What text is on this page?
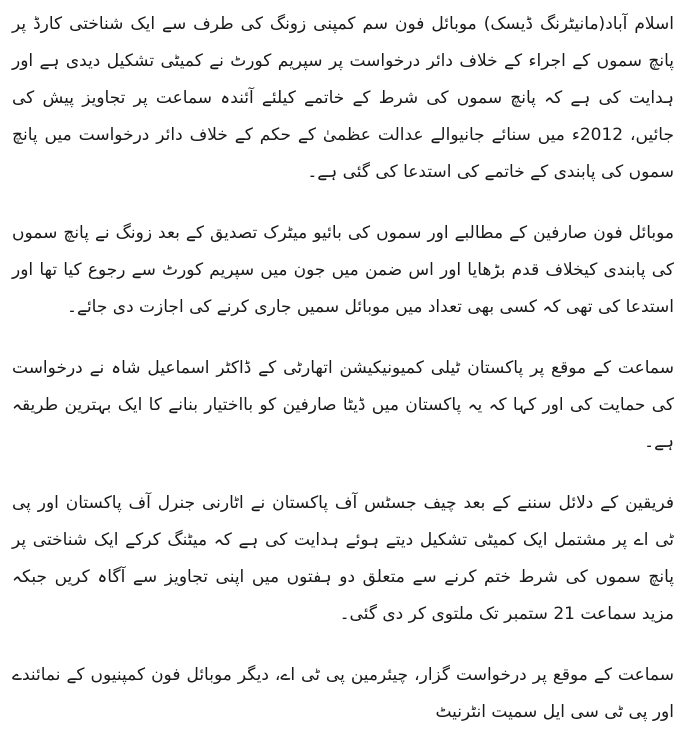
اسلام آباد(مانیٹرنگ ڈیسک) موبائل فون سم کمپنی زونگ کی طرف سے ایک شناختی کارڈ پر پانچ سموں کے اجراء کے خلاف دائر درخواست پر سپریم کورٹ نے کمیٹی تشکیل دیدی ہے اور ہدایت کی ہے کہ پانچ سموں کی شرط کے خاتمے کیلئے آئندہ سماعت پر تجاویز پیش کی جائیں، 2012ء میں سنائے جانیوالے عدالت عظمیٰ کے حکم کے خلاف دائر درخواست میں پانچ سموں کی پابندی کے خاتمے کی استدعا کی گئی ہے۔

موبائل فون صارفین کے مطالبے اور سموں کی بائیو میٹرک تصدیق کے بعد زونگ نے پانچ سموں کی پابندی کیخلاف قدم بڑھایا اور اس ضمن میں جون میں سپریم کورٹ سے رجوع کیا تھا اور استدعا کی تھی کہ کسی بھی تعداد میں موبائل سمیں جاری کرنے کی اجازت دی جائے۔

سماعت کے موقع پر پاکستان ٹیلی کمیونیکیشن اتھارٹی کے ڈاکٹر اسماعیل شاہ نے درخواست کی حمایت کی اور کہا کہ یہ پاکستان میں ڈیٹا صارفین کو بااختیار بنانے کا ایک بہترین طریقہ ہے۔

فریقین کے دلائل سننے کے بعد چیف جسٹس آف پاکستان نے اٹارنی جنرل آف پاکستان اور پی ٹی اے پر مشتمل ایک کمیٹی تشکیل دیتے ہوئے ہدایت کی ہے کہ میٹنگ کرکے ایک شناختی پر پانچ سموں کی شرط ختم کرنے سے متعلق دو ہفتوں میں اپنی تجاویز سے آگاہ کریں جبکہ مزید سماعت 21 ستمبر تک ملتوی کر دی گئی۔

سماعت کے موقع پر درخواست گزار، چیئرمین پی ٹی اے، دیگر موبائل فون کمپنیوں کے نمائندے اور پی ٹی سی ایل سمیت انٹرنیٹ
